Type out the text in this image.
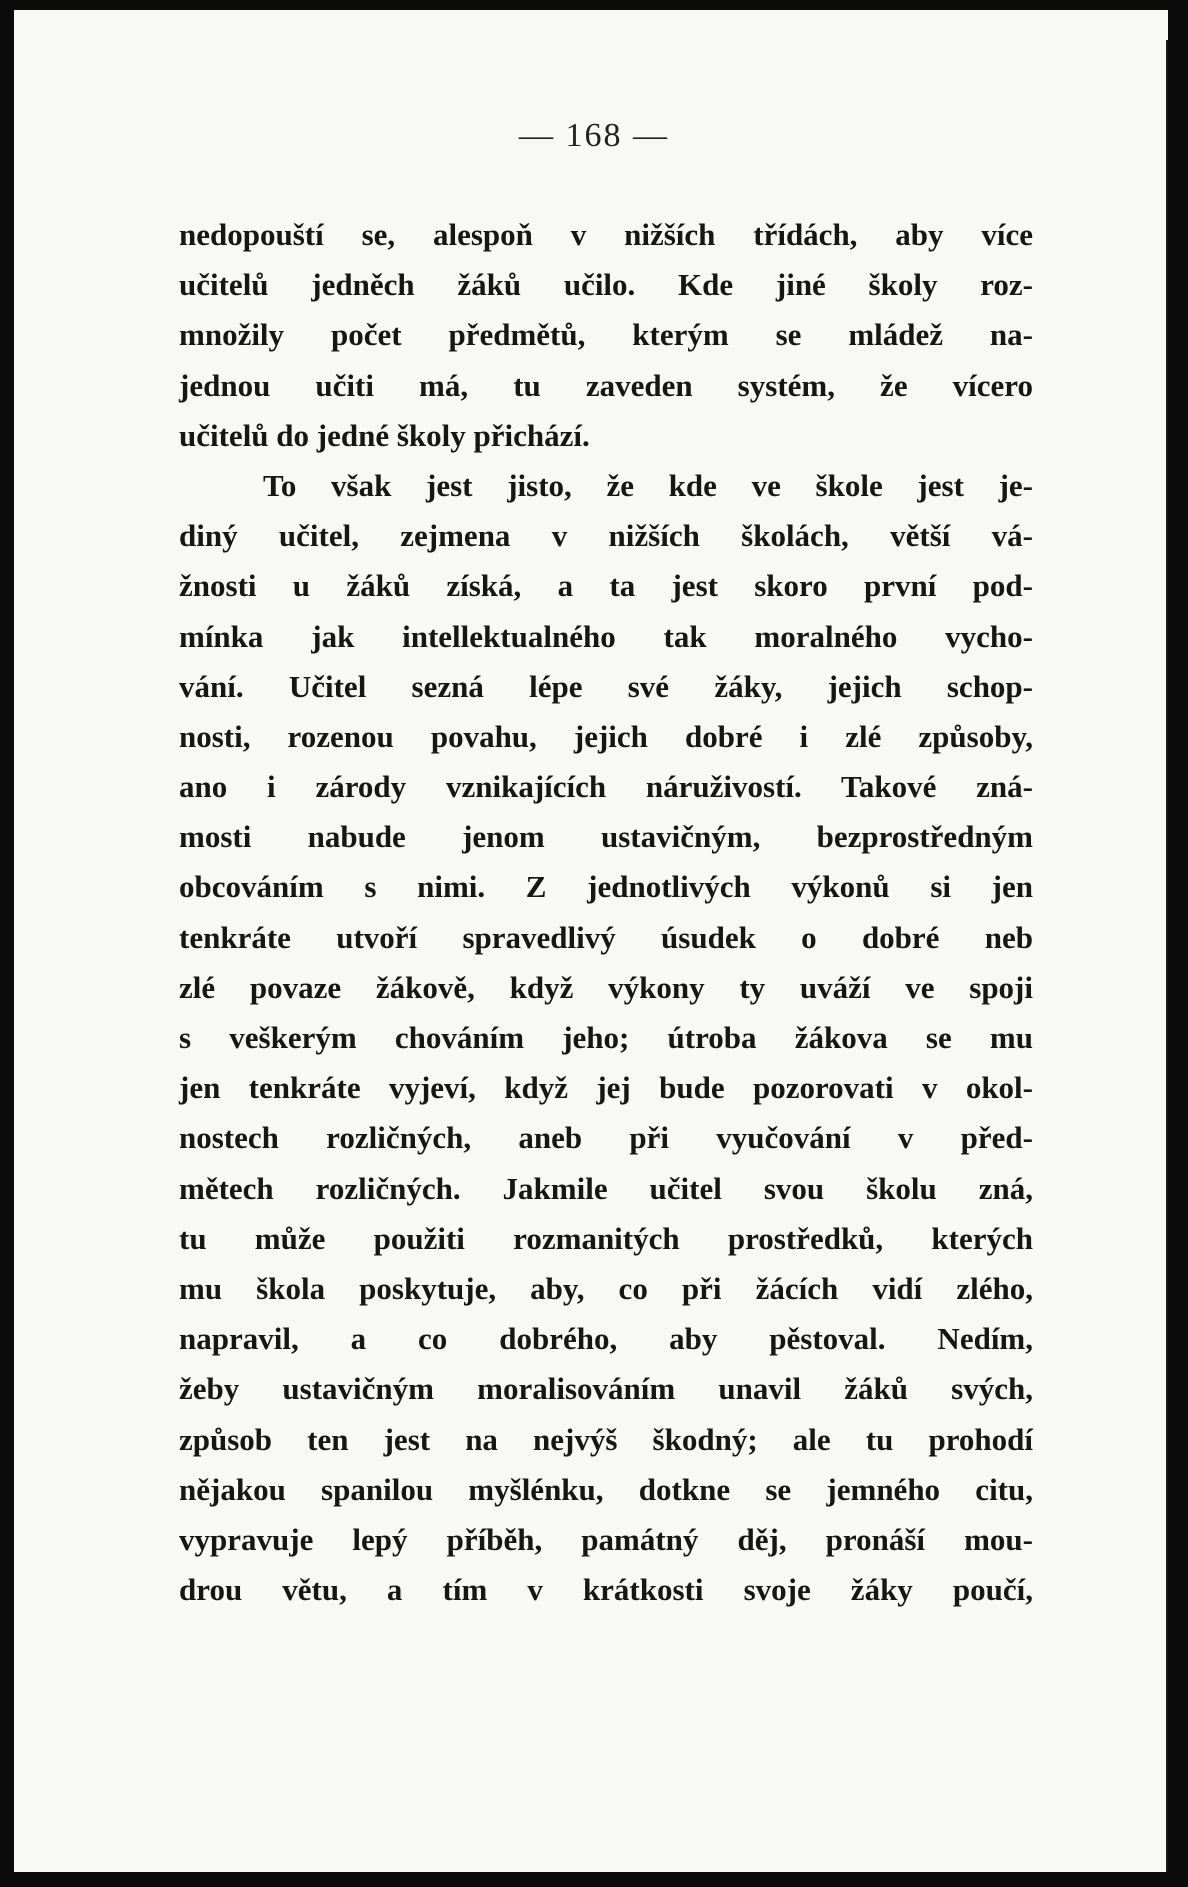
— 168 —
nedopouští se, alespoň v nižších třídách, aby více
učitelů jedněch žáků učilo. Kde jiné školy roz-
množily počet předmětů, kterým se mládež na-
jednou učiti má, tu zaveden systém, že vícero
učitelů do jedné školy přichází.
To však jest jisto, že kde ve škole jest je-
diný učitel, zejmena v nižších školách, větší vá-
žnosti u žáků získá, a ta jest skoro první pod-
mínka jak intellektualného tak moralného vycho-
vání. Učitel sezná lépe své žáky, jejich schop-
nosti, rozenou povahu, jejich dobré i zlé způsoby,
ano i zárody vznikajících náruživostí. Takové zná-
mosti nabude jenom ustavičným, bezprostředným
obcováním s nimi. Z jednotlivých výkonů si jen
tenkráte utvoří spravedlivý úsudek o dobré neb
zlé povaze žákově, když výkony ty uváží ve spoji
s veškerým chováním jeho; útroba žákova se mu
jen tenkráte vyjeví, když jej bude pozorovati v okol-
nostech rozličných, aneb při vyučování v před-
mětech rozličných. Jakmile učitel svou školu zná,
tu může použiti rozmanitých prostředků, kterých
mu škola poskytuje, aby, co při žácích vidí zlého,
napravil, a co dobrého, aby pěstoval. Nedím,
žeby ustavičným moralisováním unavil žáků svých,
způsob ten jest na nejvýš škodný; ale tu prohodí
nějakou spanilou myšlénku, dotkne se jemného citu,
vypravuje lepý příběh, památný děj, pronáší mou-
drou větu, a tím v krátkosti svoje žáky poučí,
